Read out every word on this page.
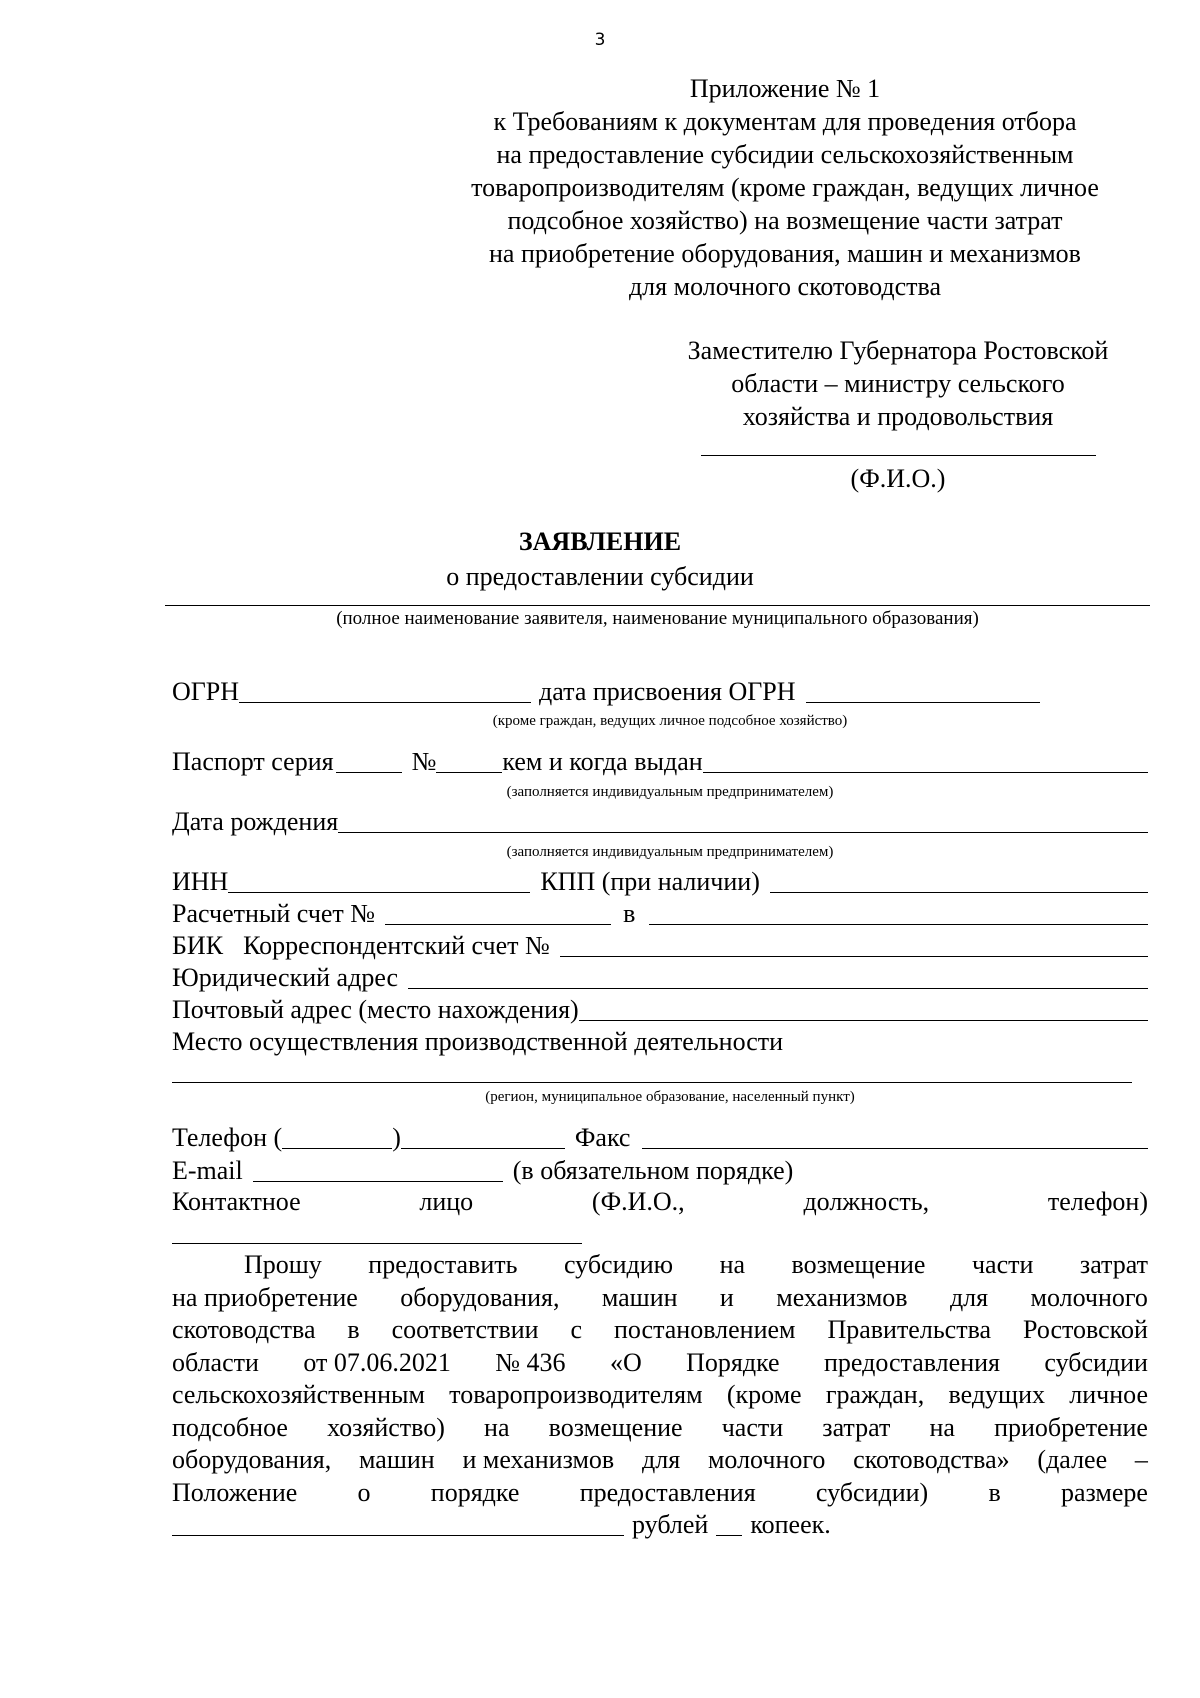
3
Приложение № 1
к Требованиям к документам для проведения отбора
на предоставление субсидии сельскохозяйственным
товаропроизводителям (кроме граждан, ведущих личное
подсобное хозяйство) на возмещение части затрат
на приобретение оборудования, машин и механизмов
для молочного скотоводства
Заместителю Губернатора Ростовской
области – министру сельского
хозяйства и продовольствия
(Ф.И.О.)
ЗАЯВЛЕНИЕ
о предоставлении субсидии
(полное наименование заявителя, наименование муниципального образования)
ОГРН	дата присвоения ОГРН
(кроме граждан, ведущих личное подсобное хозяйство)
Паспорт серия	№	кем и когда выдан
(заполняется индивидуальным предпринимателем)
Дата рождения
(заполняется индивидуальным предпринимателем)
ИНН	КПП (при наличии)
Расчетный счет №	в
БИК Корреспондентский счет №
Юридический адрес
Почтовый адрес (место нахождения)
Место осуществления производственной деятельности
(регион, муниципальное образование, населенный пункт)
Телефон (	)	Факс
E-mail	(в обязательном порядке)
Контактное	лицо	(Ф.И.О.,	должность,	телефон)
Прошу предоставить субсидию на возмещение части затрат
на приобретение оборудования, машин и механизмов для молочного
скотоводства в соответствии с постановлением Правительства Ростовской
области от 07.06.2021 № 436 «О Порядке предоставления субсидии
сельскохозяйственным товаропроизводителям (кроме граждан, ведущих личное
подсобное хозяйство) на возмещение части затрат на приобретение
оборудования, машин и механизмов для молочного скотоводства» (далее –
Положение о порядке предоставления субсидии) в размере
рублей копеек.
